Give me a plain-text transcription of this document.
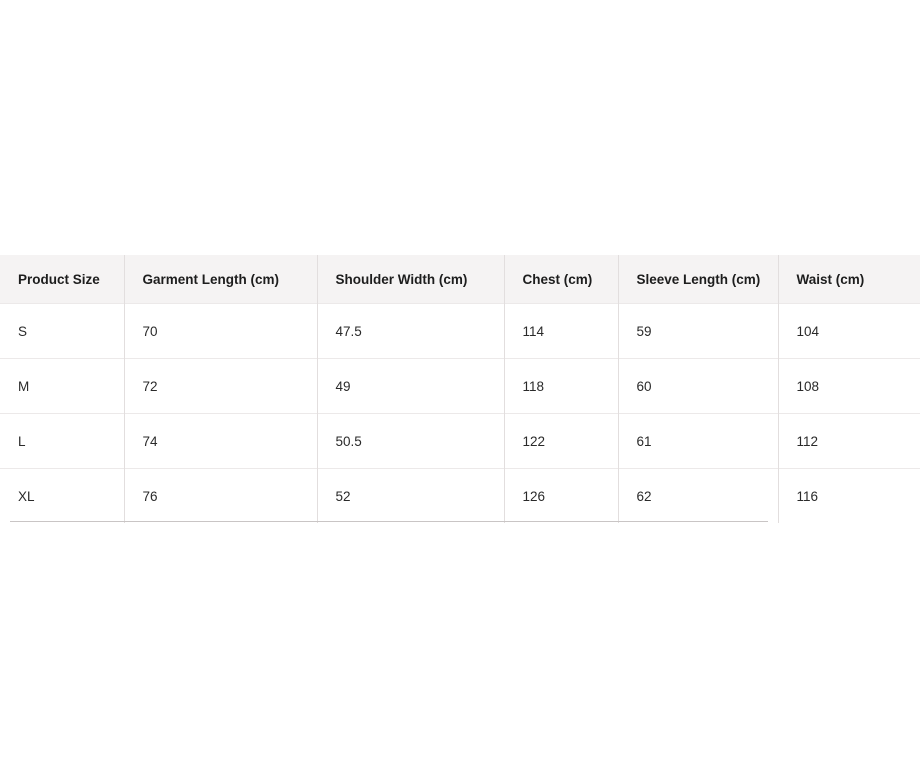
Product Size	Garment Length (cm)	Shoulder Width (cm)	Chest (cm)	Sleeve Length (cm)	Waist (cm)
S	70	47.5	114	59	104
M	72	49	118	60	108
L	74	50.5	122	61	112
XL	76	52	126	62	116
